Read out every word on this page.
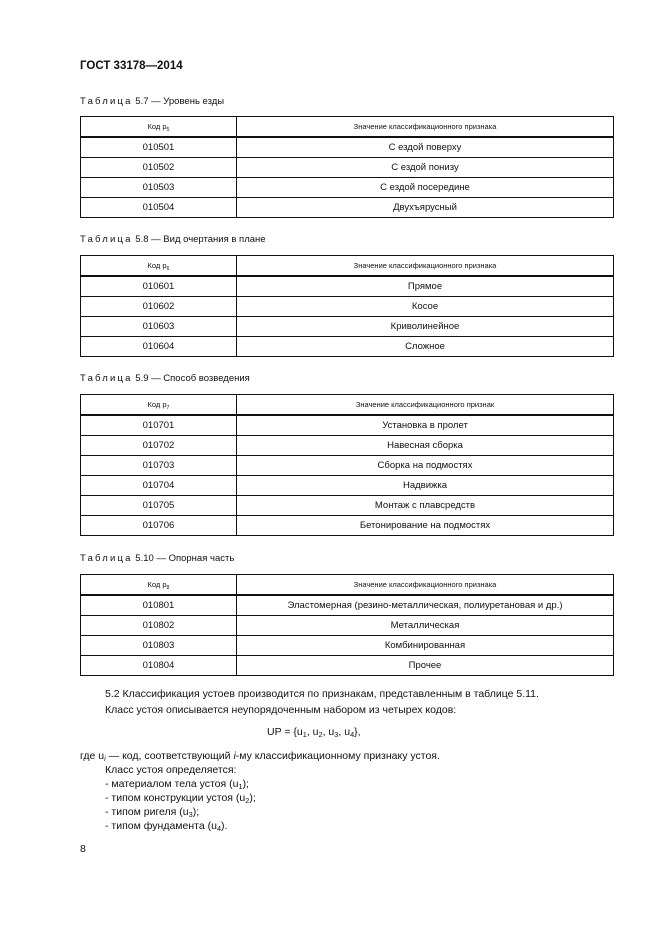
ГОСТ 33178—2014
Таблица 5.7 — Уровень езды
Код $р_5$	Значение классификационного признака
010501	С ездой поверху
010502	С ездой понизу
010503	С ездой посередине
010504	Двухъярусный
Таблица 5.8 — Вид очертания в плане
Код $р_6$	Значение классификационного признака
010601	Прямое
010602	Косое
010603	Криволинейное
010604	Сложное
Таблица 5.9 — Способ возведения
Код $р_7$	Значение классификационного признак
010701	Установка в пролет
010702	Навесная сборка
010703	Сборка на подмостях
010704	Надвижка
010705	Монтаж с плавсредств
010706	Бетонирование на подмостях
Таблица 5.10 — Опорная часть
Код $р_8$	Значение классификационного признака
010801	Эластомерная (резино-металлическая, полиуретановая и др.)
010802	Металлическая
010803	Комбинированная
010804	Прочее
5.2 Классификация устоев производится по признакам, представленным в таблице 5.11.
Класс устоя описывается неупорядоченным набором из четырех кодов:
UP = {$u_1$, $u_2$, $u_3$, $u_4$},
где $u_i$ — код, соответствующий i-му классификационному признаку устоя.
Класс устоя определяется:
- материалом тела устоя $(u_1)$;
- типом конструкции устоя $(u_2)$;
- типом ригеля $(u_3)$;
- типом фундамента $(u_4)$.
8
